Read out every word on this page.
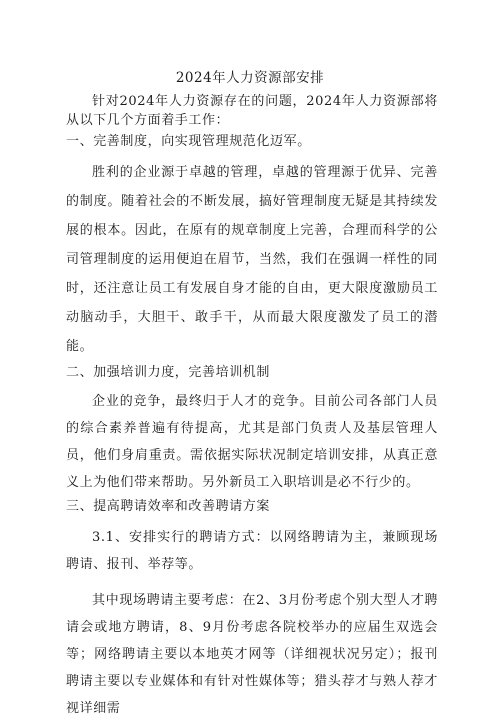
2024年人力资源部安排

针对2024年人力资源存在的问题，2024年人力资源部将从以下几个方面着手工作：

一、完善制度，向实现管理规范化迈军。

胜利的企业源于卓越的管理，卓越的管理源于优异、完善的制度。随着社会的不断发展，搞好管理制度无疑是其持续发展的根本。因此，在原有的规章制度上完善，合理而科学的公司管理制度的运用便迫在眉节，当然，我们在强调一样性的同时，还注意让员工有发展自身才能的自由，更大限度激励员工动脑动手，大胆干、敢手干，从而最大限度激发了员工的潜能。

二、加强培训力度，完善培训机制

企业的竞争，最终归于人才的竞争。目前公司各部门人员的综合素养普遍有待提高，尤其是部门负责人及基层管理人员，他们身肩重责。需依据实际状况制定培训安排，从真正意义上为他们带来帮助。另外新员工入职培训是必不行少的。

三、提高聘请效率和改善聘请方案

3.1、安排实行的聘请方式：以网络聘请为主，兼顾现场聘请、报刊、举荐等。

其中现场聘请主要考虑：在2、3月份考虑个别大型人才聘请会或地方聘请，8、9月份考虑各院校举办的应届生双选会等；网络聘请主要以本地英才网等（详细视状况另定）；报刊聘请主要以专业媒体和有针对性媒体等；猎头荐才与熟人荐才视详细需
